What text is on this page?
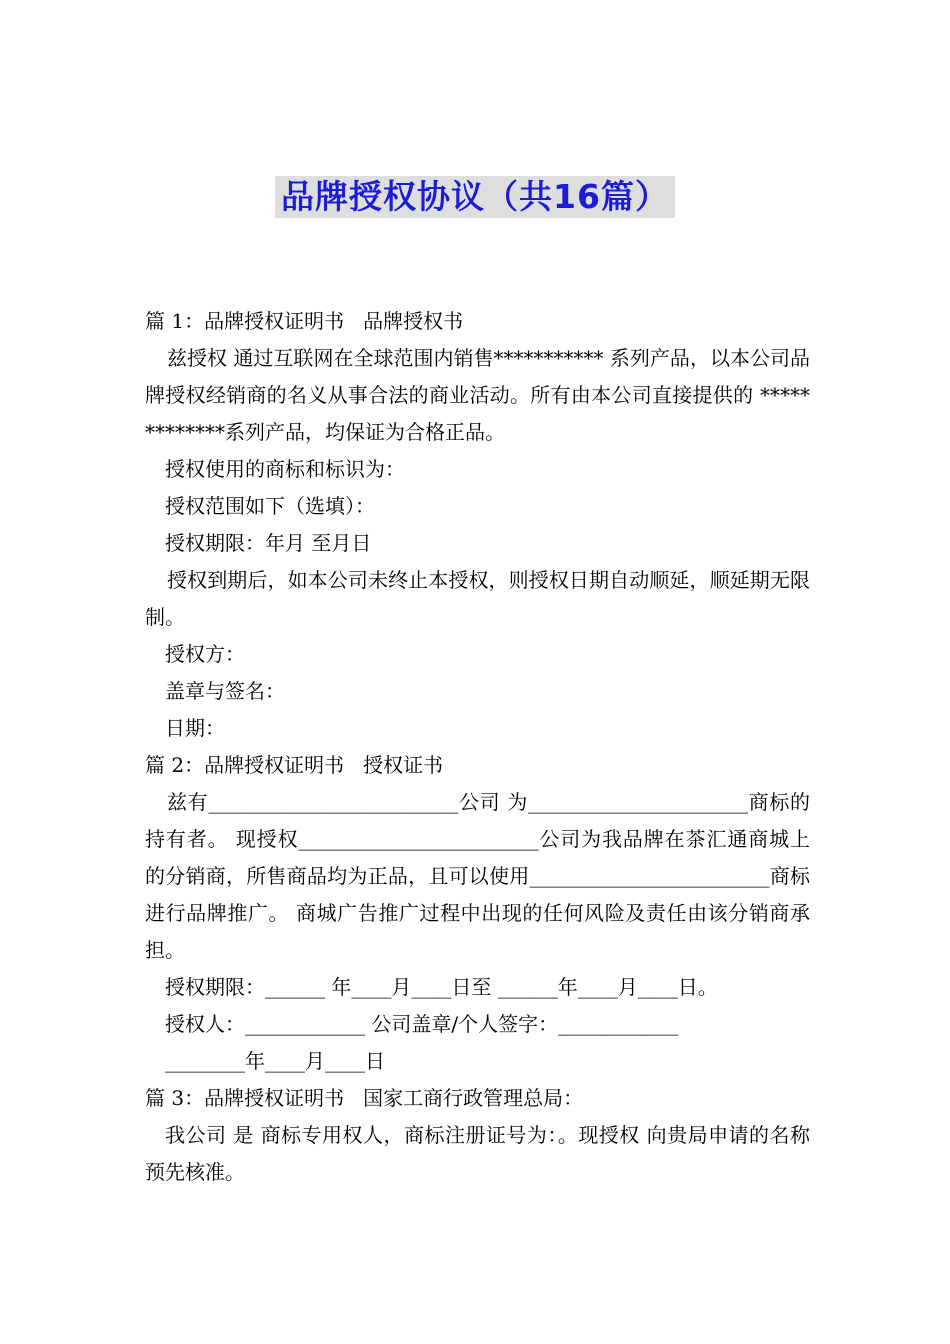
品牌授权协议（共16篇）

篇 1：品牌授权证明书   品牌授权书

兹授权 通过互联网在全球范围内销售*********** 系列产品，以本公司品牌授权经销商的名义从事合法的商业活动。所有由本公司直接提供的 *************系列产品，均保证为合格正品。

授权使用的商标和标识为：

授权范围如下（选填）：

授权期限：年月 至月日

授权到期后，如本公司未终止本授权，则授权日期自动顺延，顺延期无限制。

授权方：

盖章与签名：

日期：

篇 2：品牌授权证明书   授权证书

兹有_________________________公司 为______________________商标的持有者。 现授权________________________公司为我品牌在茶汇通商城上的分销商，所售商品均为正品，且可以使用________________________商标进行品牌推广。 商城广告推广过程中出现的任何风险及责任由该分销商承担。

授权期限：______ 年____月____日至 ______年____月____日。

授权人：____________ 公司盖章/个人签字：____________

________年____月____日

篇 3：品牌授权证明书   国家工商行政管理总局：

我公司 是 商标专用权人，商标注册证号为：。现授权 向贵局申请的名称预先核准。
